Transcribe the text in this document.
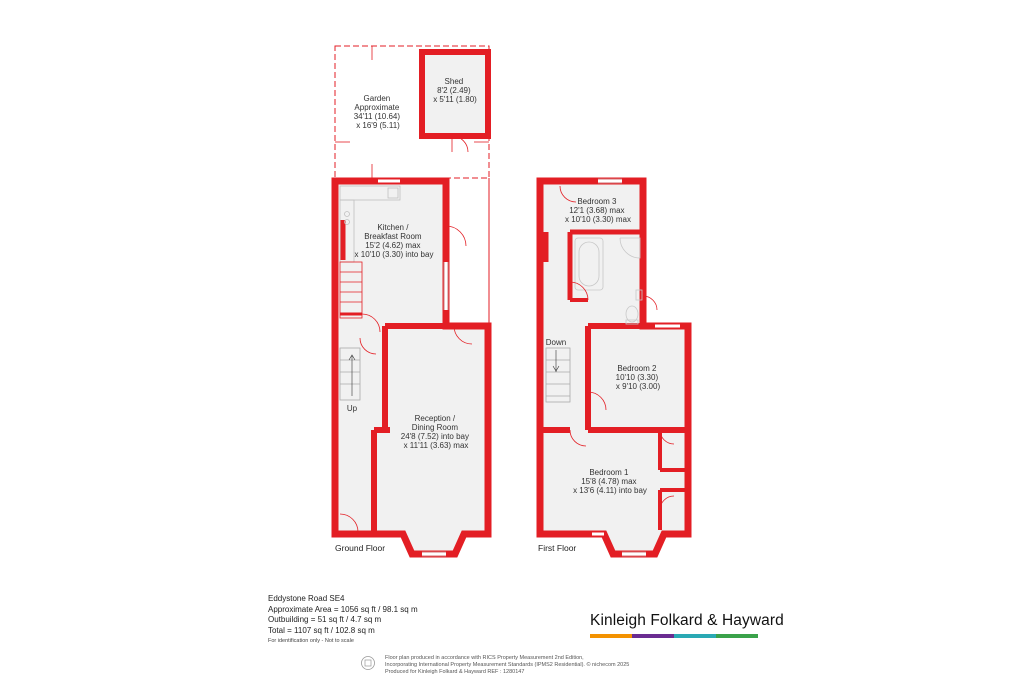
Garden Approximate 34'11 (10.64) x 16'9 (5.11)
Shed 8'2 (2.49) x 5'11 (1.80)
Kitchen / Breakfast Room 15'2 (4.62) max x 10'10 (3.30) into bay
Reception / Dining Room 24'8 (7.52) into bay x 11'11 (3.63) max
Up
Ground Floor
Bedroom 3 12'1 (3.68) max x 10'10 (3.30) max
Bedroom 2 10'10 (3.30) x 9'10 (3.00)
Bedroom 1 15'8 (4.78) max x 13'6 (4.11) into bay
Down
First Floor
Eddystone Road SE4
Approximate Area = 1056 sq ft / 98.1 sq m
Outbuilding = 51 sq ft / 4.7 sq m
Total = 1107 sq ft / 102.8 sq m
For identification only - Not to scale
Kinleigh Folkard & Hayward
Floor plan produced in accordance with RICS Property Measurement 2nd Edition,
Incorporating International Property Measurement Standards (IPMS2 Residential). © nichecom 2025
Produced for Kinleigh Folkard & Hayward REF : 1280147
